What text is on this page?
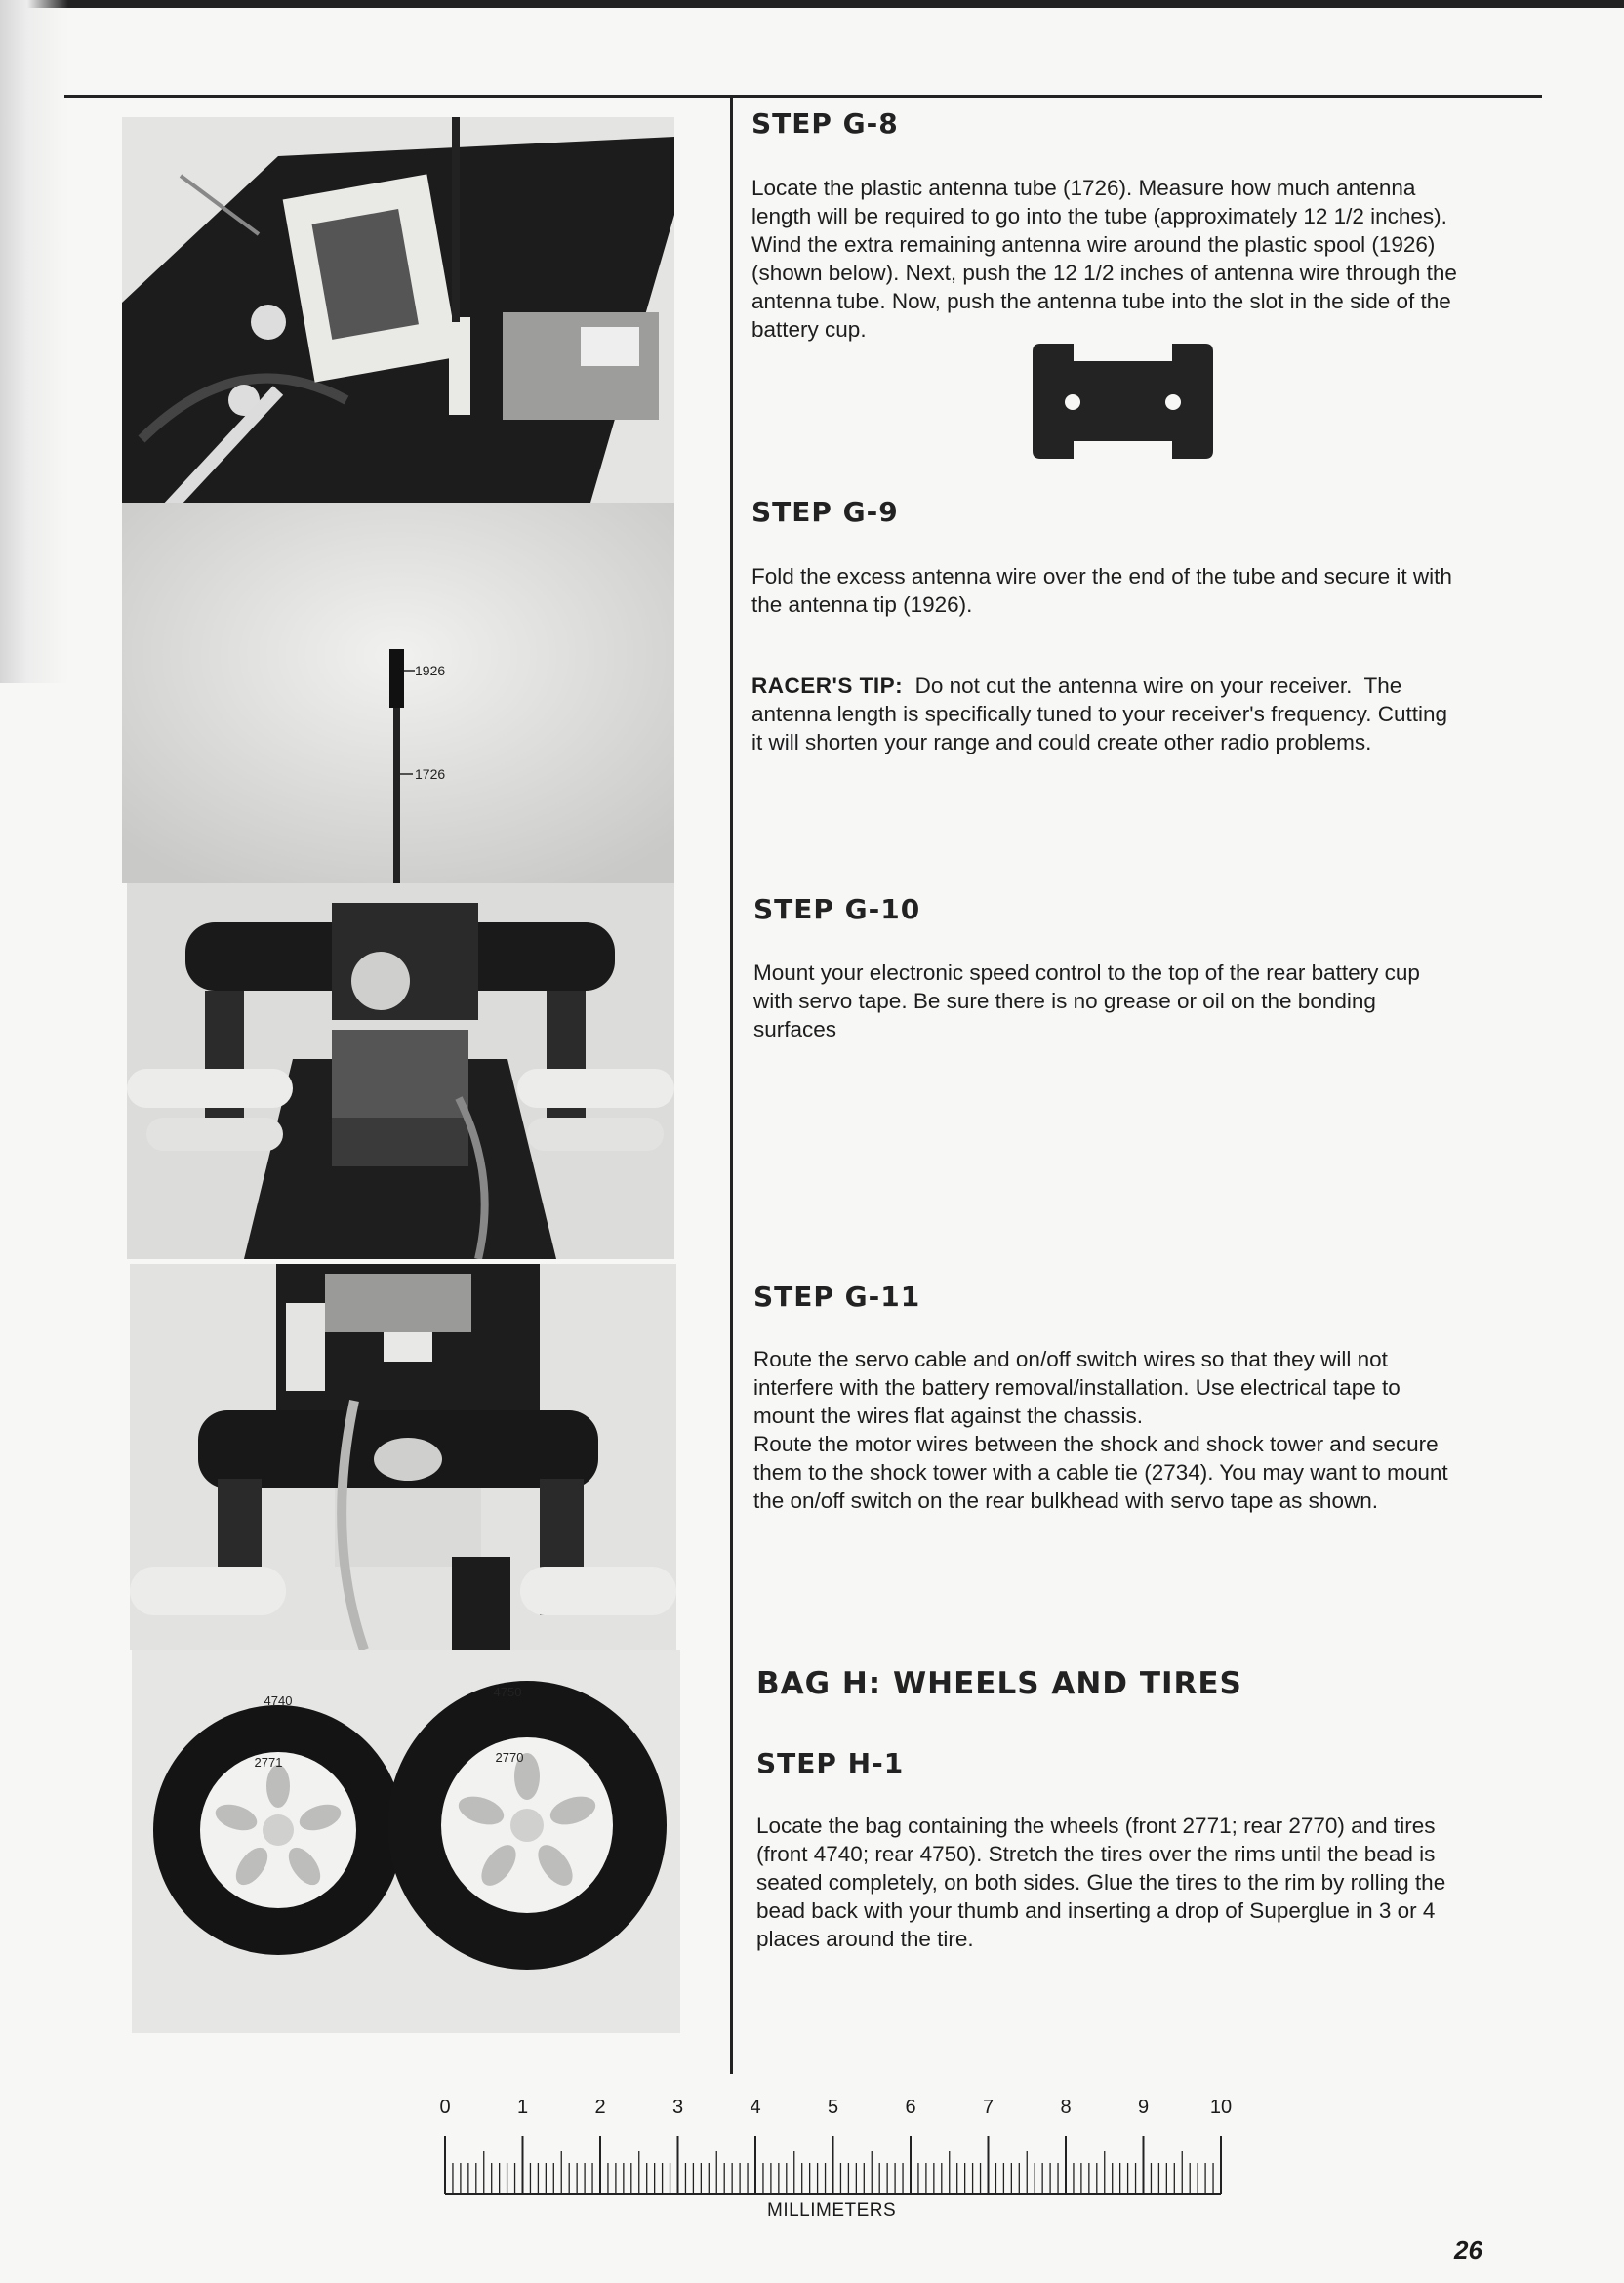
1926
1726
2771
4740
2770
4750
STEP G-8
Locate the plastic antenna tube (1726). Measure how much antenna
length will be required to go into the tube (approximately 12 1/2 inches).
Wind the extra remaining antenna wire around the plastic spool (1926)
(shown below). Next, push the 12 1/2 inches of antenna wire through the
antenna tube. Now, push the antenna tube into the slot in the side of the
battery cup.
STEP G-9
Fold the excess antenna wire over the end of the tube and secure it with
the antenna tip (1926).
RACER'S TIP:  Do not cut the antenna wire on your receiver.  The
antenna length is specifically tuned to your receiver's frequency. Cutting
it will shorten your range and could create other radio problems.
STEP G-10
Mount your electronic speed control to the top of the rear battery cup
with servo tape. Be sure there is no grease or oil on the bonding
surfaces
STEP G-11
Route the servo cable and on/off switch wires so that they will not
interfere with the battery removal/installation. Use electrical tape to
mount the wires flat against the chassis.
Route the motor wires between the shock and shock tower and secure
them to the shock tower with a cable tie (2734). You may want to mount
the on/off switch on the rear bulkhead with servo tape as shown.
BAG H: WHEELS AND TIRES
STEP H-1
Locate the bag containing the wheels (front 2771; rear 2770) and tires
(front 4740; rear 4750). Stretch the tires over the rims until the bead is
seated completely, on both sides. Glue the tires to the rim by rolling the
bead back with your thumb and inserting a drop of Superglue in 3 or 4
places around the tire.
0	1	2	3	4	5	6	7	8	9	10
MILLIMETERS
26
